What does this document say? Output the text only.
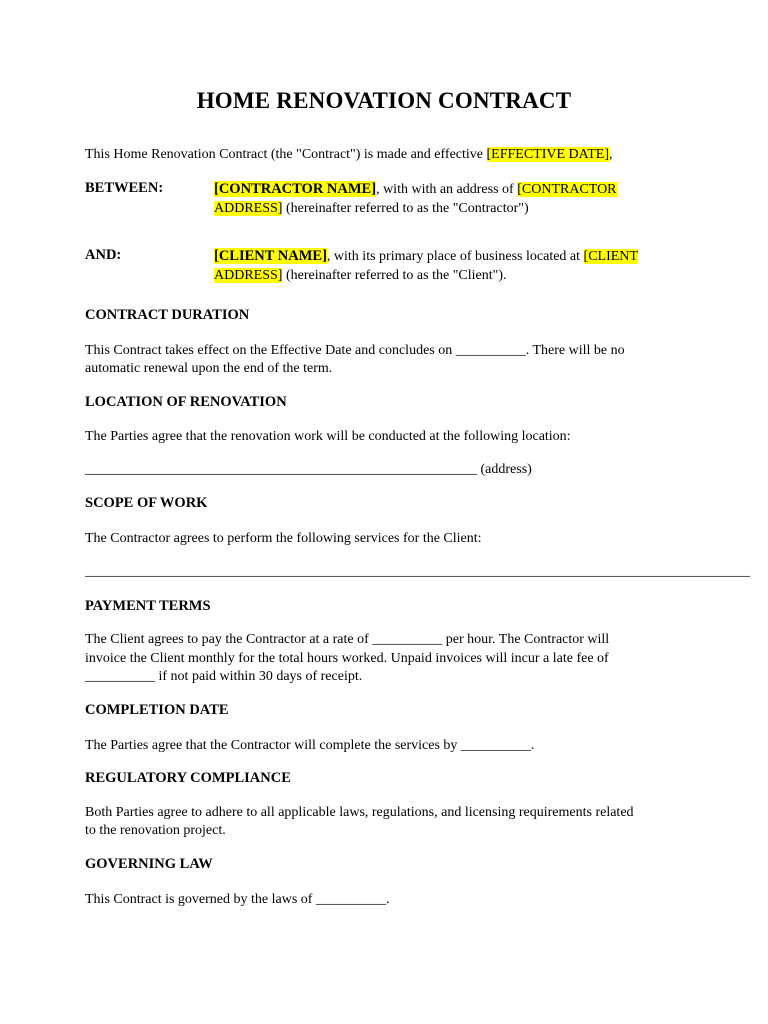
HOME RENOVATION CONTRACT
This Home Renovation Contract (the "Contract") is made and effective [EFFECTIVE DATE],
BETWEEN:	[CONTRACTOR NAME], with with an address of [CONTRACTOR
ADDRESS] (hereinafter referred to as the "Contractor")
AND:	[CLIENT NAME], with its primary place of business located at [CLIENT
ADDRESS] (hereinafter referred to as the "Client").
CONTRACT DURATION
This Contract takes effect on the Effective Date and concludes on __________. There will be no
automatic renewal upon the end of the term.
LOCATION OF RENOVATION
The Parties agree that the renovation work will be conducted at the following location:
________________________________________________________ (address)
SCOPE OF WORK
The Contractor agrees to perform the following services for the Client:
_______________________________________________________________________________________________
PAYMENT TERMS
The Client agrees to pay the Contractor at a rate of __________ per hour. The Contractor will
invoice the Client monthly for the total hours worked. Unpaid invoices will incur a late fee of
__________ if not paid within 30 days of receipt.
COMPLETION DATE
The Parties agree that the Contractor will complete the services by __________.
REGULATORY COMPLIANCE
Both Parties agree to adhere to all applicable laws, regulations, and licensing requirements related
to the renovation project.
GOVERNING LAW
This Contract is governed by the laws of __________.
